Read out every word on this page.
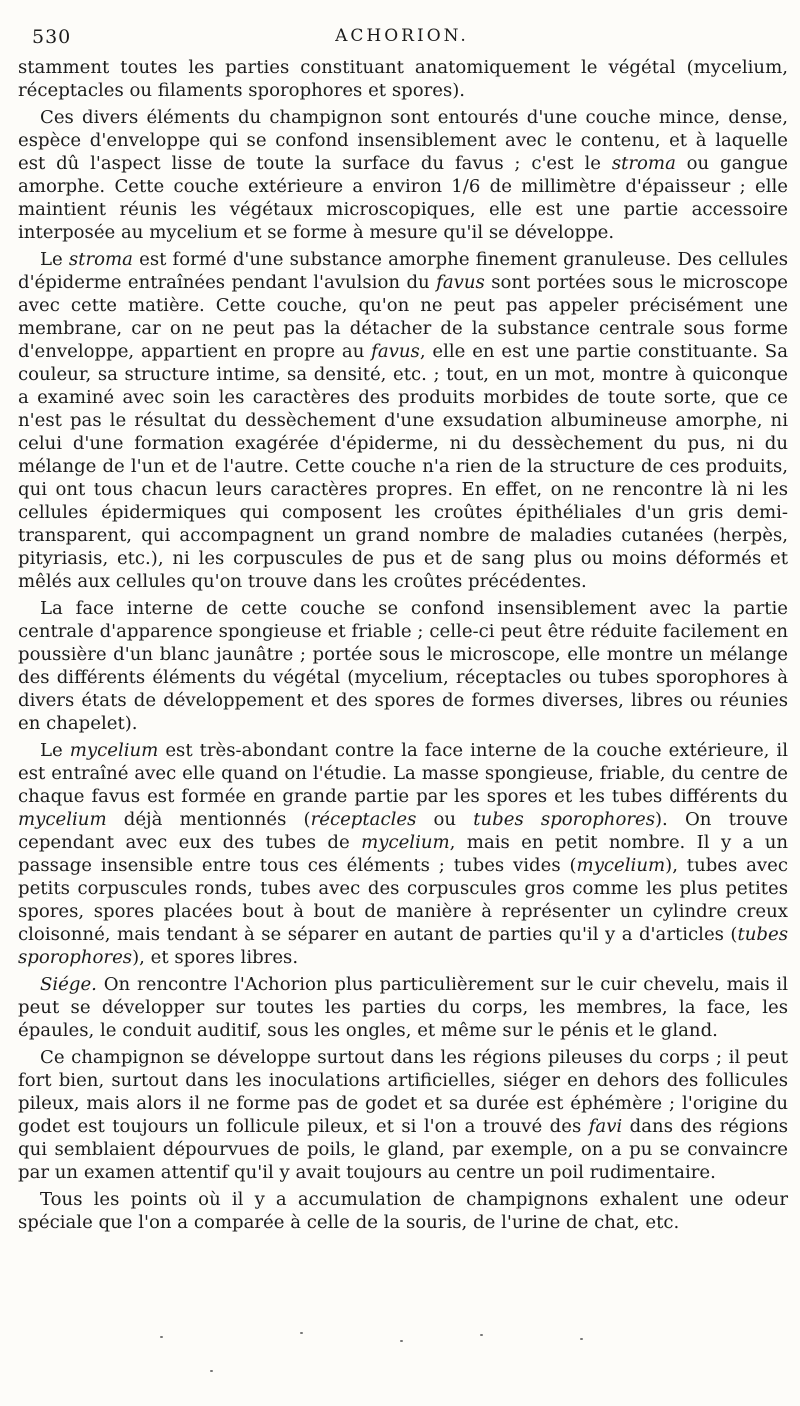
530	ACHORION.

stamment toutes les parties constituant anatomiquement le végétal (mycelium, réceptacles ou filaments sporophores et spores).

Ces divers éléments du champignon sont entourés d'une couche mince, dense, espèce d'enveloppe qui se confond insensiblement avec le contenu, et à laquelle est dû l'aspect lisse de toute la surface du favus ; c'est le stroma ou gangue amorphe. Cette couche extérieure a environ 1/6 de millimètre d'épaisseur ; elle maintient réunis les végétaux microscopiques, elle est une partie accessoire interposée au mycelium et se forme à mesure qu'il se développe.

Le stroma est formé d'une substance amorphe finement granuleuse. Des cellules d'épiderme entraînées pendant l'avulsion du favus sont portées sous le microscope avec cette matière. Cette couche, qu'on ne peut pas appeler précisément une membrane, car on ne peut pas la détacher de la substance centrale sous forme d'enveloppe, appartient en propre au favus, elle en est une partie constituante. Sa couleur, sa structure intime, sa densité, etc. ; tout, en un mot, montre à quiconque a examiné avec soin les caractères des produits morbides de toute sorte, que ce n'est pas le résultat du dessèchement d'une exsudation albumineuse amorphe, ni celui d'une formation exagérée d'épiderme, ni du dessèchement du pus, ni du mélange de l'un et de l'autre. Cette couche n'a rien de la structure de ces produits, qui ont tous chacun leurs caractères propres. En effet, on ne rencontre là ni les cellules épidermiques qui composent les croûtes épithéliales d'un gris demi-transparent, qui accompagnent un grand nombre de maladies cutanées (herpès, pityriasis, etc.), ni les corpuscules de pus et de sang plus ou moins déformés et mêlés aux cellules qu'on trouve dans les croûtes précédentes.

La face interne de cette couche se confond insensiblement avec la partie centrale d'apparence spongieuse et friable ; celle-ci peut être réduite facilement en poussière d'un blanc jaunâtre ; portée sous le microscope, elle montre un mélange des différents éléments du végétal (mycelium, réceptacles ou tubes sporophores à divers états de développement et des spores de formes diverses, libres ou réunies en chapelet).

Le mycelium est très-abondant contre la face interne de la couche extérieure, il est entraîné avec elle quand on l'étudie. La masse spongieuse, friable, du centre de chaque favus est formée en grande partie par les spores et les tubes différents du mycelium déjà mentionnés (réceptacles ou tubes sporophores). On trouve cependant avec eux des tubes de mycelium, mais en petit nombre. Il y a un passage insensible entre tous ces éléments ; tubes vides (mycelium), tubes avec petits corpuscules ronds, tubes avec des corpuscules gros comme les plus petites spores, spores placées bout à bout de manière à représenter un cylindre creux cloisonné, mais tendant à se séparer en autant de parties qu'il y a d'articles (tubes sporophores), et spores libres.

Siége. On rencontre l'Achorion plus particulièrement sur le cuir chevelu, mais il peut se développer sur toutes les parties du corps, les membres, la face, les épaules, le conduit auditif, sous les ongles, et même sur le pénis et le gland.

Ce champignon se développe surtout dans les régions pileuses du corps ; il peut fort bien, surtout dans les inoculations artificielles, siéger en dehors des follicules pileux, mais alors il ne forme pas de godet et sa durée est éphémère ; l'origine du godet est toujours un follicule pileux, et si l'on a trouvé des favi dans des régions qui semblaient dépourvues de poils, le gland, par exemple, on a pu se convaincre par un examen attentif qu'il y avait toujours au centre un poil rudimentaire.

Tous les points où il y a accumulation de champignons exhalent une odeur spéciale que l'on a comparée à celle de la souris, de l'urine de chat, etc.
